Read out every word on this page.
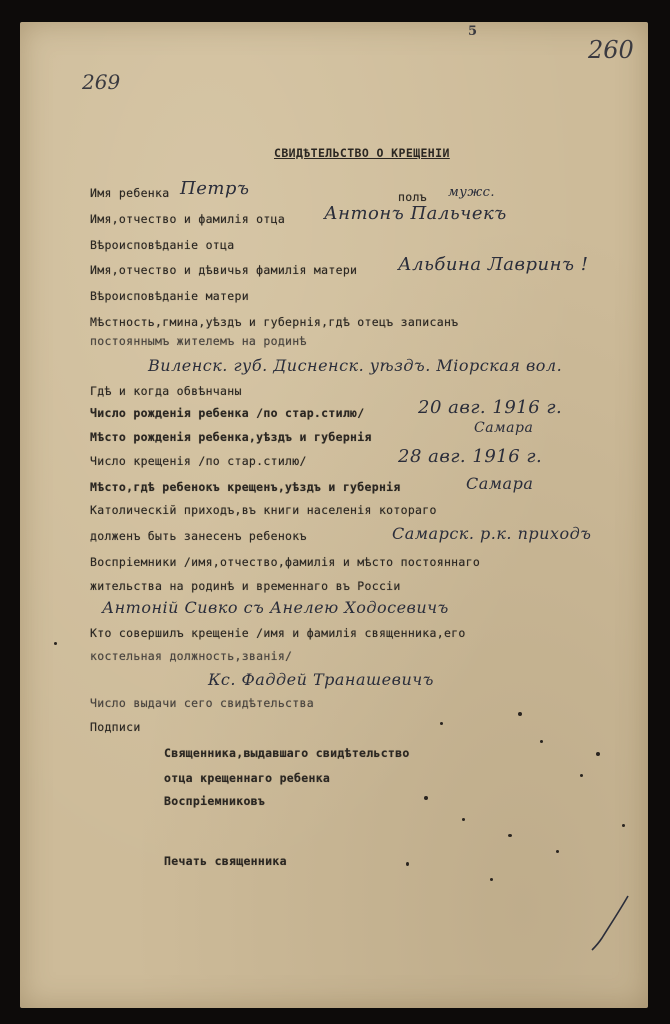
5
260
269
СВИДѢТЕЛЬСТВО О КРЕЩЕНІИ
Имя ребенка Петръ	полъ мужс.
Имя,отчество и фамилія отца Антонъ Пальчекъ
Вѣроисповѣданіе отца
Имя,отчество и дѣвичья фамилія матери Альбина Лавринъ !
Вѣроисповѣданіе матери
Мѣстность,гмина,уѣздъ и губернія,гдѣ отецъ записанъ
постояннымъ жителемъ на родинѣ
Виленск. губ. Дисненск. уѣздъ. Міорская вол.
Гдѣ и когда обвѣнчаны
Число рожденія ребенка /по стар.стилю/	20 авг. 1916 г.
Мѣсто рожденія ребенка,уѣздъ и губернія
Самара
Число крещенія /по стар.стилю/	28 авг. 1916 г.
Мѣсто,гдѣ ребенокъ крещенъ,уѣздъ и губернія	Самара
Католическій приходъ,въ книги населенія котораго
долженъ быть занесенъ ребенокъ	Самарск. р.к. приходъ
Воспріемники /имя,отчество,фамилія и мѣсто постояннаго
жительства на родинѣ и временнаго въ Россіи
Антоній Сивко съ Анелею Ходосевичъ
Кто совершилъ крещеніе /имя и фамилія священника,его
костельная должность,званія/
Кс. Фаддей Транашевичъ
Число выдачи сего свидѣтельства
Подписи
Священника,выдавшаго свидѣтельство
отца крещеннаго ребенка
Воспріемниковъ
Печать священника
